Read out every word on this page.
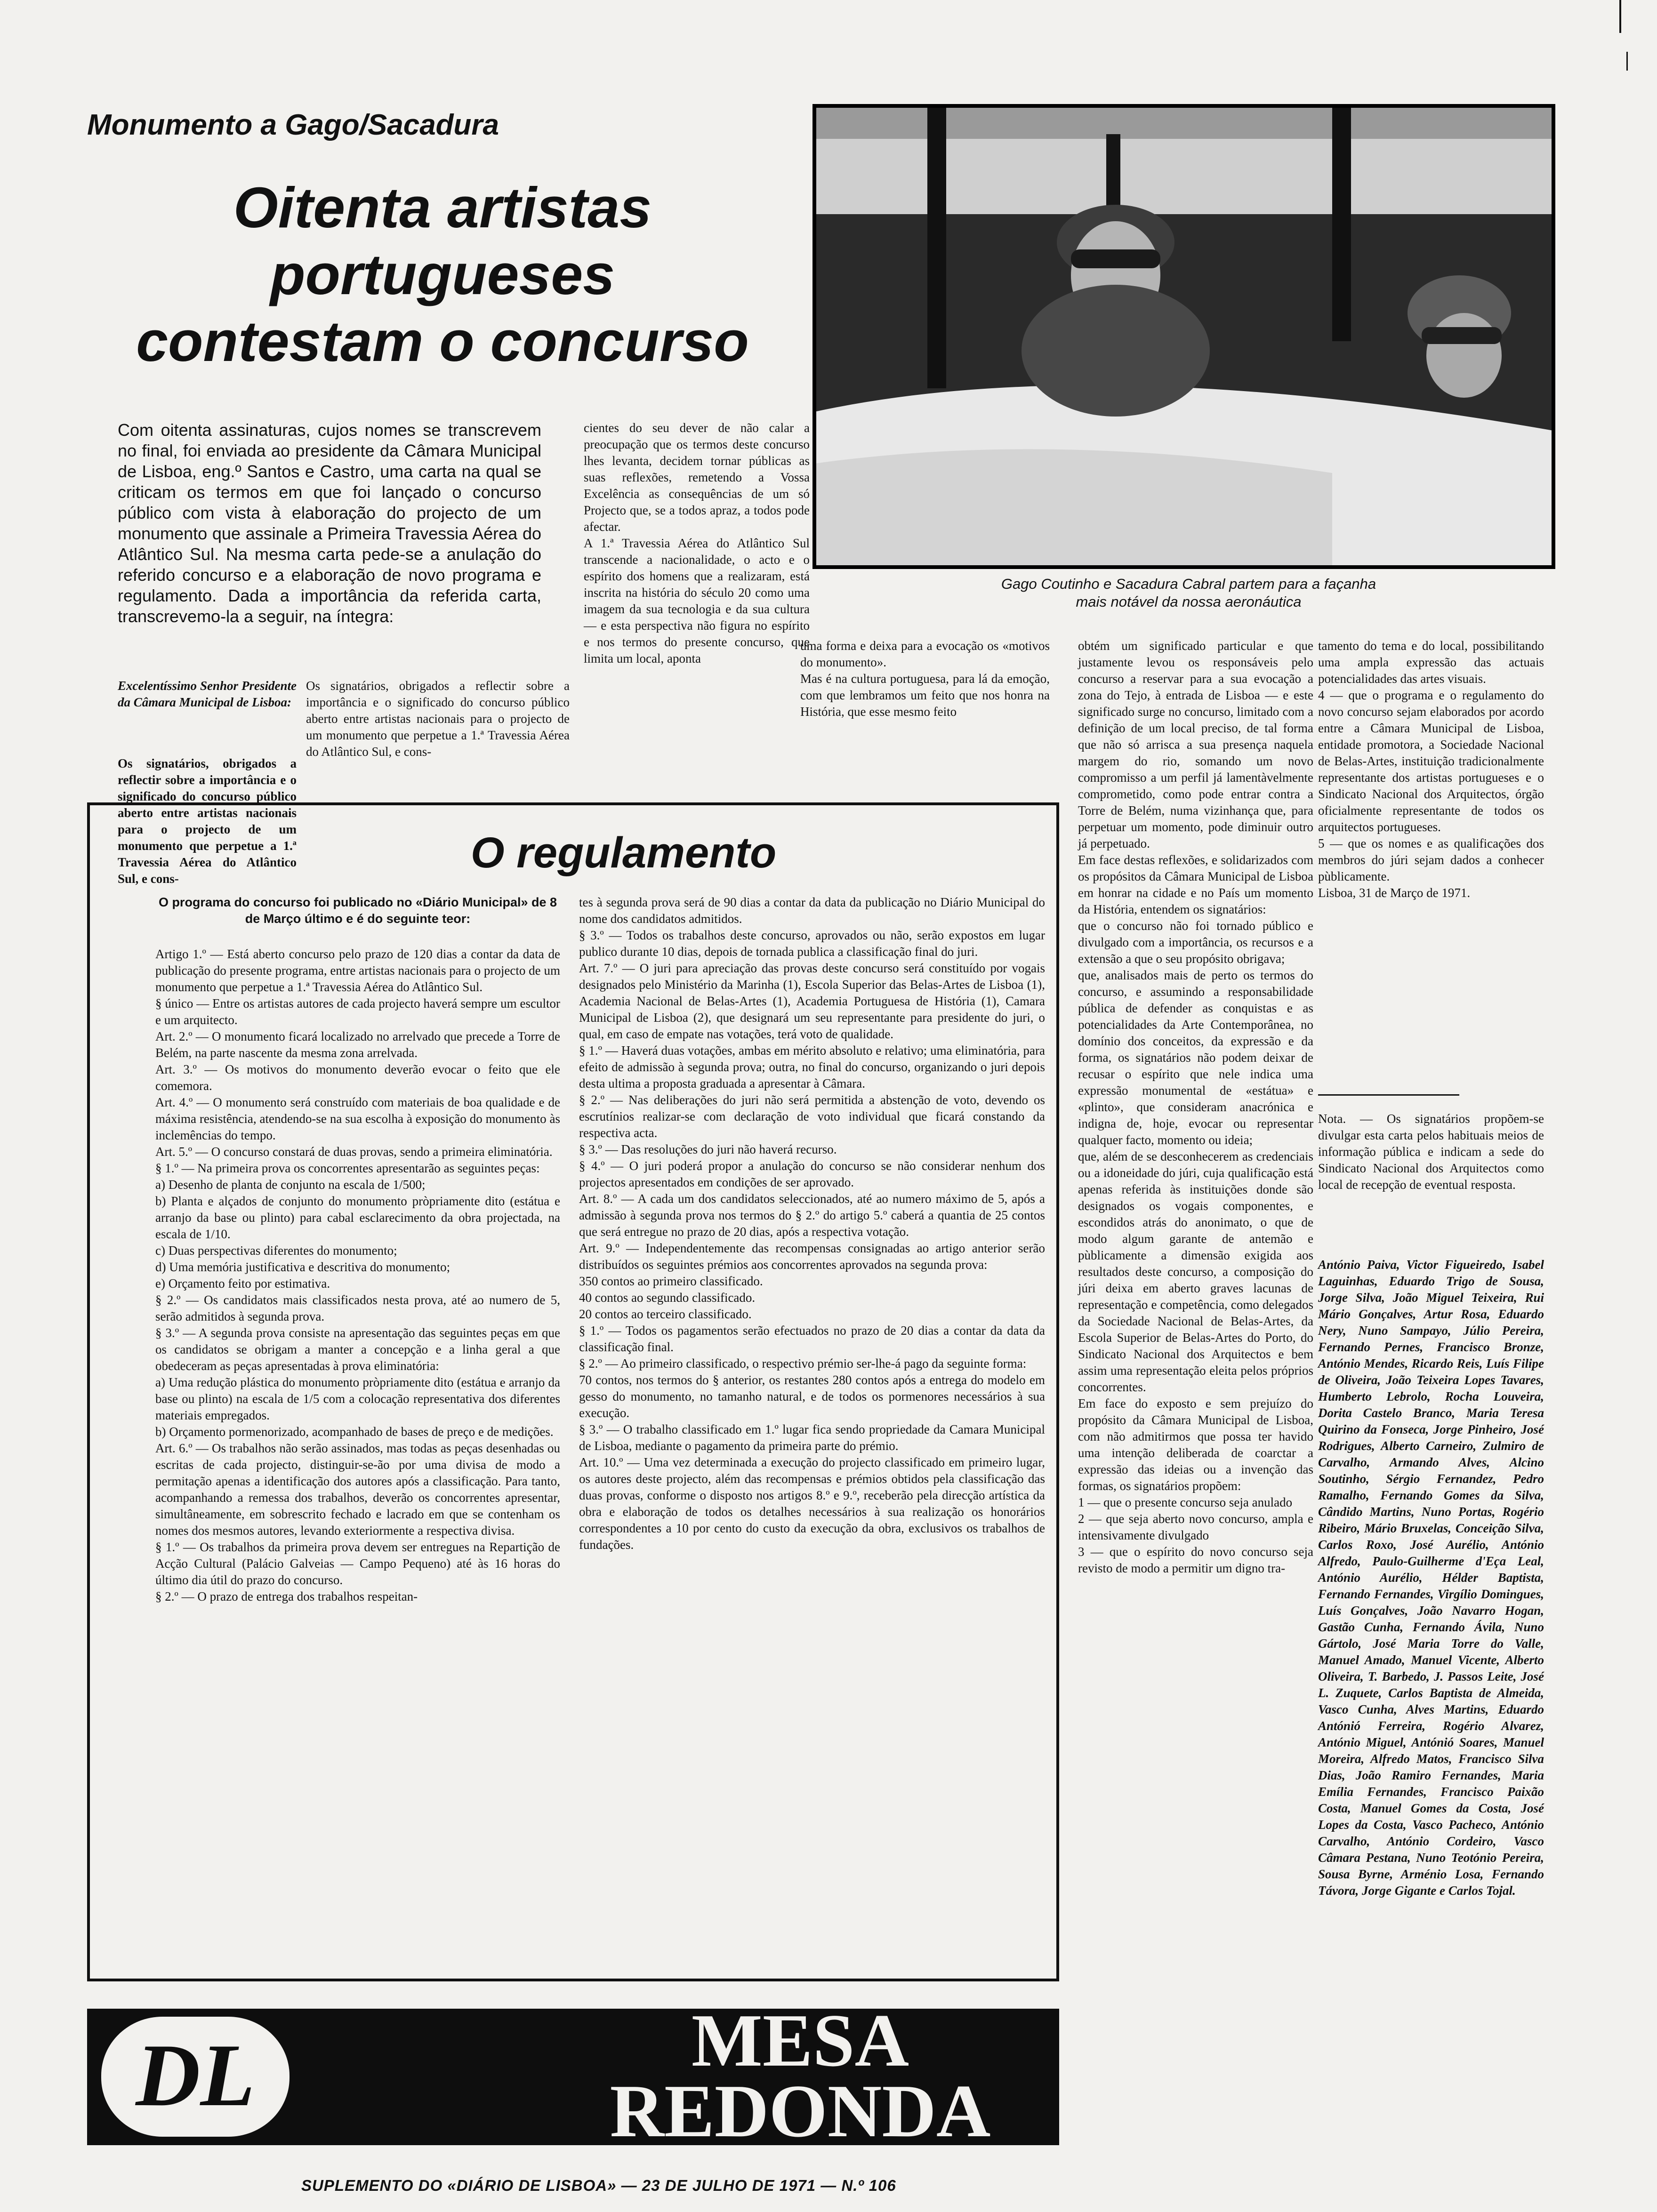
Monumento a Gago/Sacadura
Oitenta artistas
portugueses
contestam o concurso
Com oitenta assinaturas, cujos nomes se transcrevem no final, foi enviada ao presidente da Câmara Municipal de Lisboa, eng.º Santos e Castro, uma carta na qual se criticam os termos em que foi lançado o concurso público com vista à elaboração do projecto de um monumento que assinale a Primeira Travessia Aérea do Atlântico Sul. Na mesma carta pede-se a anulação do referido concurso e a elaboração de novo programa e regulamento. Dada a importância da referida carta, transcrevemo-la a seguir, na íntegra:
Excelentíssimo Senhor Presidente da Câmara Municipal de Lisboa:
Os signatários, obrigados a reflectir sobre a importância e o significado do concurso público aberto entre artistas nacionais para o projecto de um monumento que perpetue a 1.ª Travessia Aérea do Atlântico Sul, e cons-
Os signatários, obrigados a reflectir sobre a importância e o significado do concurso público aberto entre artistas nacionais para o projecto de um monumento que perpetue a 1.ª Travessia Aérea do Atlântico Sul, e cons-
cientes do seu dever de não calar a preocupação que os termos deste concurso lhes levanta, decidem tornar públicas as suas reflexões, remetendo a Vossa Excelência as consequências de um só Projecto que, se a todos apraz, a todos pode afectar.
A 1.ª Travessia Aérea do Atlântico Sul transcende a nacionalidade, o acto e o espírito dos homens que a realizaram, está inscrita na história do século 20 como uma imagem da sua tecnologia e da sua cultura — e esta perspectiva não figura no espírito e nos termos do presente concurso, que limita um local, aponta
uma forma e deixa para a evocação os «motivos do monumento».
Mas é na cultura portuguesa, para lá da emoção, com que lembramos um feito que nos honra na História, que esse mesmo feito
obtém um significado particular e que justamente levou os responsáveis pelo concurso a reservar para a sua evocação a zona do Tejo, à entrada de Lisboa — e este significado surge no concurso, limitado com a definição de um local preciso, de tal forma que não só arrisca a sua presença naquela margem do rio, somando um novo compromisso a um perfil já lamentàvelmente comprometido, como pode entrar contra a Torre de Belém, numa vizinhança que, para perpetuar um momento, pode diminuir outro já perpetuado.
Em face destas reflexões, e solidarizados com os propósitos da Câmara Municipal de Lisboa em honrar na cidade e no País um momento da História, entendem os signatários:
que o concurso não foi tornado público e divulgado com a importância, os recursos e a extensão a que o seu propósito obrigava;
que, analisados mais de perto os termos do concurso, e assumindo a responsabilidade pública de defender as conquistas e as potencialidades da Arte Contemporânea, no domínio dos conceitos, da expressão e da forma, os signatários não podem deixar de recusar o espírito que nele indica uma expressão monumental de «estátua» e «plinto», que consideram anacrónica e indigna de, hoje, evocar ou representar qualquer facto, momento ou ideia;
que, além de se desconhecerem as credenciais ou a idoneidade do júri, cuja qualificação está apenas referida às instituições donde são designados os vogais componentes, e escondidos atrás do anonimato, o que de modo algum garante de antemão e pùblicamente a dimensão exigida aos resultados deste concurso, a composição do júri deixa em aberto graves lacunas de representação e competência, como delegados da Sociedade Nacional de Belas-Artes, da Escola Superior de Belas-Artes do Porto, do Sindicato Nacional dos Arquitectos e bem assim uma representação eleita pelos próprios concorrentes.
Em face do exposto e sem prejuízo do propósito da Câmara Municipal de Lisboa, com não admitirmos que possa ter havido uma intenção deliberada de coarctar a expressão das ideias ou a invenção das formas, os signatários propõem:
1 — que o presente concurso seja anulado
2 — que seja aberto novo concurso, ampla e intensivamente divulgado
3 — que o espírito do novo concurso seja revisto de modo a permitir um digno tra-
tamento do tema e do local, possibilitando uma ampla expressão das actuais potencialidades das artes visuais.
4 — que o programa e o regulamento do novo concurso sejam elaborados por acordo entre a Câmara Municipal de Lisboa, entidade promotora, a Sociedade Nacional de Belas-Artes, instituição tradicionalmente representante dos artistas portugueses e o Sindicato Nacional dos Arquitectos, órgão oficialmente representante de todos os arquitectos portugueses.
5 — que os nomes e as qualificações dos membros do júri sejam dados a conhecer pùblicamente.
Lisboa, 31 de Março de 1971.
Nota. — Os signatários propõem-se divulgar esta carta pelos habituais meios de informação pública e indicam a sede do Sindicato Nacional dos Arquitectos como local de recepção de eventual resposta.
António Paiva, Victor Figueiredo, Isabel Laguinhas, Eduardo Trigo de Sousa, Jorge Silva, João Miguel Teixeira, Rui Mário Gonçalves, Artur Rosa, Eduardo Nery, Nuno Sampayo, Júlio Pereira, Fernando Pernes, Francisco Bronze, António Mendes, Ricardo Reis, Luís Filipe de Oliveira, João Teixeira Lopes Tavares, Humberto Lebrolo, Rocha Louveira, Dorita Castelo Branco, Maria Teresa Quirino da Fonseca, Jorge Pinheiro, José Rodrigues, Alberto Carneiro, Zulmiro de Carvalho, Armando Alves, Alcino Soutinho, Sérgio Fernandez, Pedro Ramalho, Fernando Gomes da Silva, Cândido Martins, Nuno Portas, Rogério Ribeiro, Mário Bruxelas, Conceição Silva, Carlos Roxo, José Aurélio, António Alfredo, Paulo-Guilherme d'Eça Leal, António Aurélio, Hélder Baptista, Fernando Fernandes, Virgílio Domingues, Luís Gonçalves, João Navarro Hogan, Gastão Cunha, Fernando Ávila, Nuno Gártolo, José Maria Torre do Valle, Manuel Amado, Manuel Vicente, Alberto Oliveira, T. Barbedo, J. Passos Leite, José L. Zuquete, Carlos Baptista de Almeida, Vasco Cunha, Alves Martins, Eduardo Antónió Ferreira, Rogério Alvarez, António Miguel, Antónió Soares, Manuel Moreira, Alfredo Matos, Francisco Silva Dias, João Ramiro Fernandes, Maria Emília Fernandes, Francisco Paixão Costa, Manuel Gomes da Costa, José Lopes da Costa, Vasco Pacheco, António Carvalho, António Cordeiro, Vasco Câmara Pestana, Nuno Teotónio Pereira, Sousa Byrne, Arménio Losa, Fernando Távora, Jorge Gigante e Carlos Tojal.
Gago Coutinho e Sacadura Cabral partem para a façanha
mais notável da nossa aeronáutica
O regulamento
O programa do concurso foi publicado no «Diário Municipal» de 8 de Março último e é do seguinte teor:
Artigo 1.º — Está aberto concurso pelo prazo de 120 dias a contar da data de publicação do presente programa, entre artistas nacionais para o projecto de um monumento que perpetue a 1.ª Travessia Aérea do Atlântico Sul.
§ único — Entre os artistas autores de cada projecto haverá sempre um escultor e um arquitecto.
Art. 2.º — O monumento ficará localizado no arrelvado que precede a Torre de Belém, na parte nascente da mesma zona arrelvada.
Art. 3.º — Os motivos do monumento deverão evocar o feito que ele comemora.
Art. 4.º — O monumento será construído com materiais de boa qualidade e de máxima resistência, atendendo-se na sua escolha à exposição do monumento às inclemências do tempo.
Art. 5.º — O concurso constará de duas provas, sendo a primeira eliminatória.
§ 1.º — Na primeira prova os concorrentes apresentarão as seguintes peças:
a) Desenho de planta de conjunto na escala de 1/500;
b) Planta e alçados de conjunto do monumento pròpriamente dito (estátua e arranjo da base ou plinto) para cabal esclarecimento da obra projectada, na escala de 1/10.
c) Duas perspectivas diferentes do monumento;
d) Uma memória justificativa e descritiva do monumento;
e) Orçamento feito por estimativa.
§ 2.º — Os candidatos mais classificados nesta prova, até ao numero de 5, serão admitidos à segunda prova.
§ 3.º — A segunda prova consiste na apresentação das seguintes peças em que os candidatos se obrigam a manter a concepção e a linha geral a que obedeceram as peças apresentadas à prova eliminatória:
a) Uma redução plástica do monumento pròpriamente dito (estátua e arranjo da base ou plinto) na escala de 1/5 com a colocação representativa dos diferentes materiais empregados.
b) Orçamento pormenorizado, acompanhado de bases de preço e de medições.
Art. 6.º — Os trabalhos não serão assinados, mas todas as peças desenhadas ou escritas de cada projecto, distinguir-se-ão por uma divisa de modo a permitação apenas a identificação dos autores após a classificação. Para tanto, acompanhando a remessa dos trabalhos, deverão os concorrentes apresentar, simultâneamente, em sobrescrito fechado e lacrado em que se contenham os nomes dos mesmos autores, levando exteriormente a respectiva divisa.
§ 1.º — Os trabalhos da primeira prova devem ser entregues na Repartição de Acção Cultural (Palácio Galveias — Campo Pequeno) até às 16 horas do último dia útil do prazo do concurso.
§ 2.º — O prazo de entrega dos trabalhos respeitan-
tes à segunda prova será de 90 dias a contar da data da publicação no Diário Municipal do nome dos candidatos admitidos.
§ 3.º — Todos os trabalhos deste concurso, aprovados ou não, serão expostos em lugar publico durante 10 dias, depois de tornada publica a classificação final do juri.
Art. 7.º — O juri para apreciação das provas deste concurso será constituído por vogais designados pelo Ministério da Marinha (1), Escola Superior das Belas-Artes de Lisboa (1), Academia Nacional de Belas-Artes (1), Academia Portuguesa de História (1), Camara Municipal de Lisboa (2), que designará um seu representante para presidente do juri, o qual, em caso de empate nas votações, terá voto de qualidade.
§ 1.º — Haverá duas votações, ambas em mérito absoluto e relativo; uma eliminatória, para efeito de admissão à segunda prova; outra, no final do concurso, organizando o juri depois desta ultima a proposta graduada a apresentar à Câmara.
§ 2.º — Nas deliberações do juri não será permitida a abstenção de voto, devendo os escrutínios realizar-se com declaração de voto individual que ficará constando da respectiva acta.
§ 3.º — Das resoluções do juri não haverá recurso.
§ 4.º — O juri poderá propor a anulação do concurso se não considerar nenhum dos projectos apresentados em condições de ser aprovado.
Art. 8.º — A cada um dos candidatos seleccionados, até ao numero máximo de 5, após a admissão à segunda prova nos termos do § 2.º do artigo 5.º caberá a quantia de 25 contos que será entregue no prazo de 20 dias, após a respectiva votação.
Art. 9.º — Independentemente das recompensas consignadas ao artigo anterior serão distribuídos os seguintes prémios aos concorrentes aprovados na segunda prova:
350 contos ao primeiro classificado.
40 contos ao segundo classificado.
20 contos ao terceiro classificado.
§ 1.º — Todos os pagamentos serão efectuados no prazo de 20 dias a contar da data da classificação final.
§ 2.º — Ao primeiro classificado, o respectivo prémio ser-lhe-á pago da seguinte forma:
70 contos, nos termos do § anterior, os restantes 280 contos após a entrega do modelo em gesso do monumento, no tamanho natural, e de todos os pormenores necessários à sua execução.
§ 3.º — O trabalho classificado em 1.º lugar fica sendo propriedade da Camara Municipal de Lisboa, mediante o pagamento da primeira parte do prémio.
Art. 10.º — Uma vez determinada a execução do projecto classificado em primeiro lugar, os autores deste projecto, além das recompensas e prémios obtidos pela classificação das duas provas, conforme o disposto nos artigos 8.º e 9.º, receberão pela direcção artística da obra e elaboração de todos os detalhes necessários à sua realização os honorários correspondentes a 10 por cento do custo da execução da obra, exclusivos os trabalhos de fundações.
DL	MESA
REDONDA
SUPLEMENTO DO «DIÁRIO DE LISBOA» — 23 DE JULHO DE 1971 — N.º 106
